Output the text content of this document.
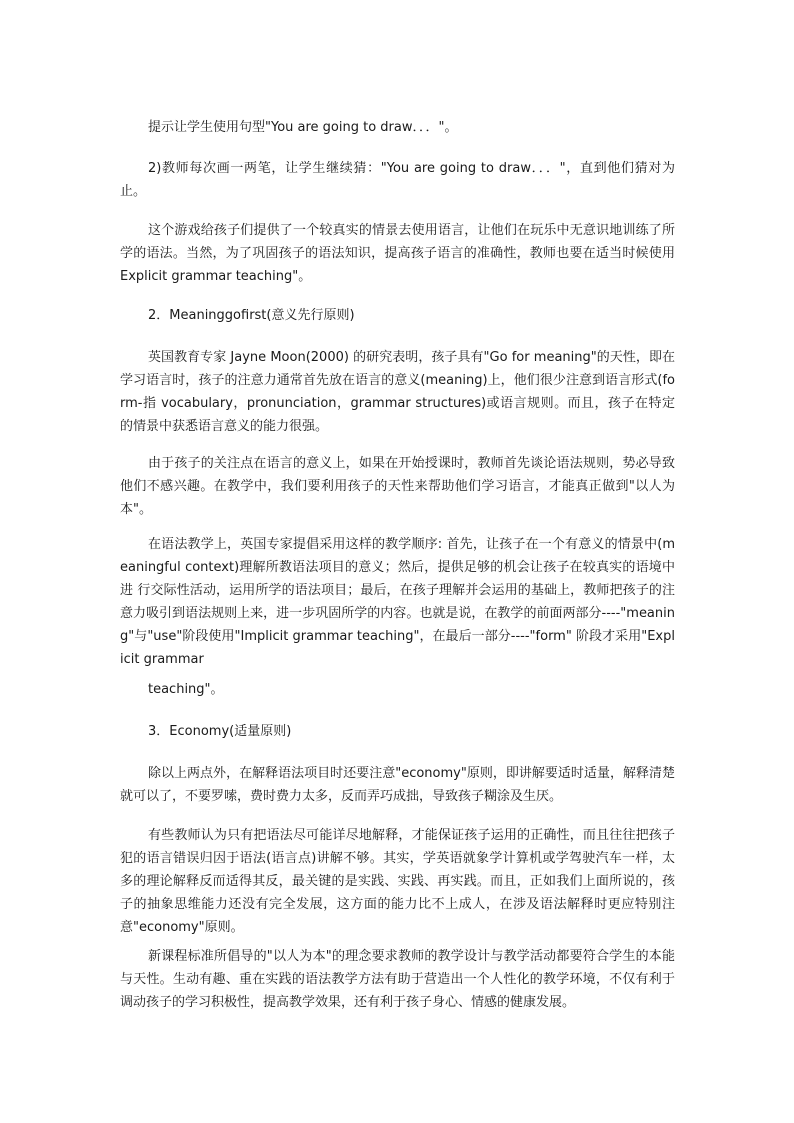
提示让学生使用句型"You are going to draw．．．"。

2)教师每次画一两笔，让学生继续猜："You are going to draw．．．"，直到他们猜对为止。

这个游戏给孩子们提供了一个较真实的情景去使用语言，让他们在玩乐中无意识地训练了所学的语法。当然，为了巩固孩子的语法知识，提高孩子语言的准确性，教师也要在适当时候使用 Explicit grammar teaching"。

2．Meaninggofirst(意义先行原则)

英国教育专家 Jayne Moon(2000) 的研究表明，孩子具有"Go for meaning"的天性，即在学习语言时，孩子的注意力通常首先放在语言的意义(meaning)上，他们很少注意到语言形式(form-指 vocabulary，pronunciation，grammar structures)或语言规则。而且，孩子在特定的情景中获悉语言意义的能力很强。

由于孩子的关注点在语言的意义上，如果在开始授课时，教师首先谈论语法规则，势必导致他们不感兴趣。在教学中，我们要利用孩子的天性来帮助他们学习语言，才能真正做到"以人为本"。

在语法教学上，英国专家提倡采用这样的教学顺序: 首先，让孩子在一个有意义的情景中(meaningful context)理解所教语法项目的意义；然后，提供足够的机会让孩子在较真实的语境中进 行交际性活动，运用所学的语法项目；最后，在孩子理解并会运用的基础上，教师把孩子的注意力吸引到语法规则上来，进一步巩固所学的内容。也就是说，在教学的前面两部分----"meaning"与"use"阶段使用"Implicit grammar teaching"，在最后一部分----"form" 阶段才采用"Explicit grammar

teaching"。

3．Economy(适量原则)

除以上两点外，在解释语法项目时还要注意"economy"原则，即讲解要适时适量，解释清楚就可以了，不要罗嗦，费时费力太多，反而弄巧成拙，导致孩子糊涂及生厌。

有些教师认为只有把语法尽可能详尽地解释，才能保证孩子运用的正确性，而且往往把孩子犯的语言错误归因于语法(语言点)讲解不够。其实，学英语就象学计算机或学驾驶汽车一样，太多的理论解释反而适得其反，最关键的是实践、实践、再实践。而且，正如我们上面所说的，孩子的抽象思维能力还没有完全发展，这方面的能力比不上成人，在涉及语法解释时更应特别注意"economy"原则。

新课程标准所倡导的"以人为本"的理念要求教师的教学设计与教学活动都要符合学生的本能与天性。生动有趣、重在实践的语法教学方法有助于营造出一个人性化的教学环境，不仅有利于调动孩子的学习积极性，提高教学效果，还有利于孩子身心、情感的健康发展。
